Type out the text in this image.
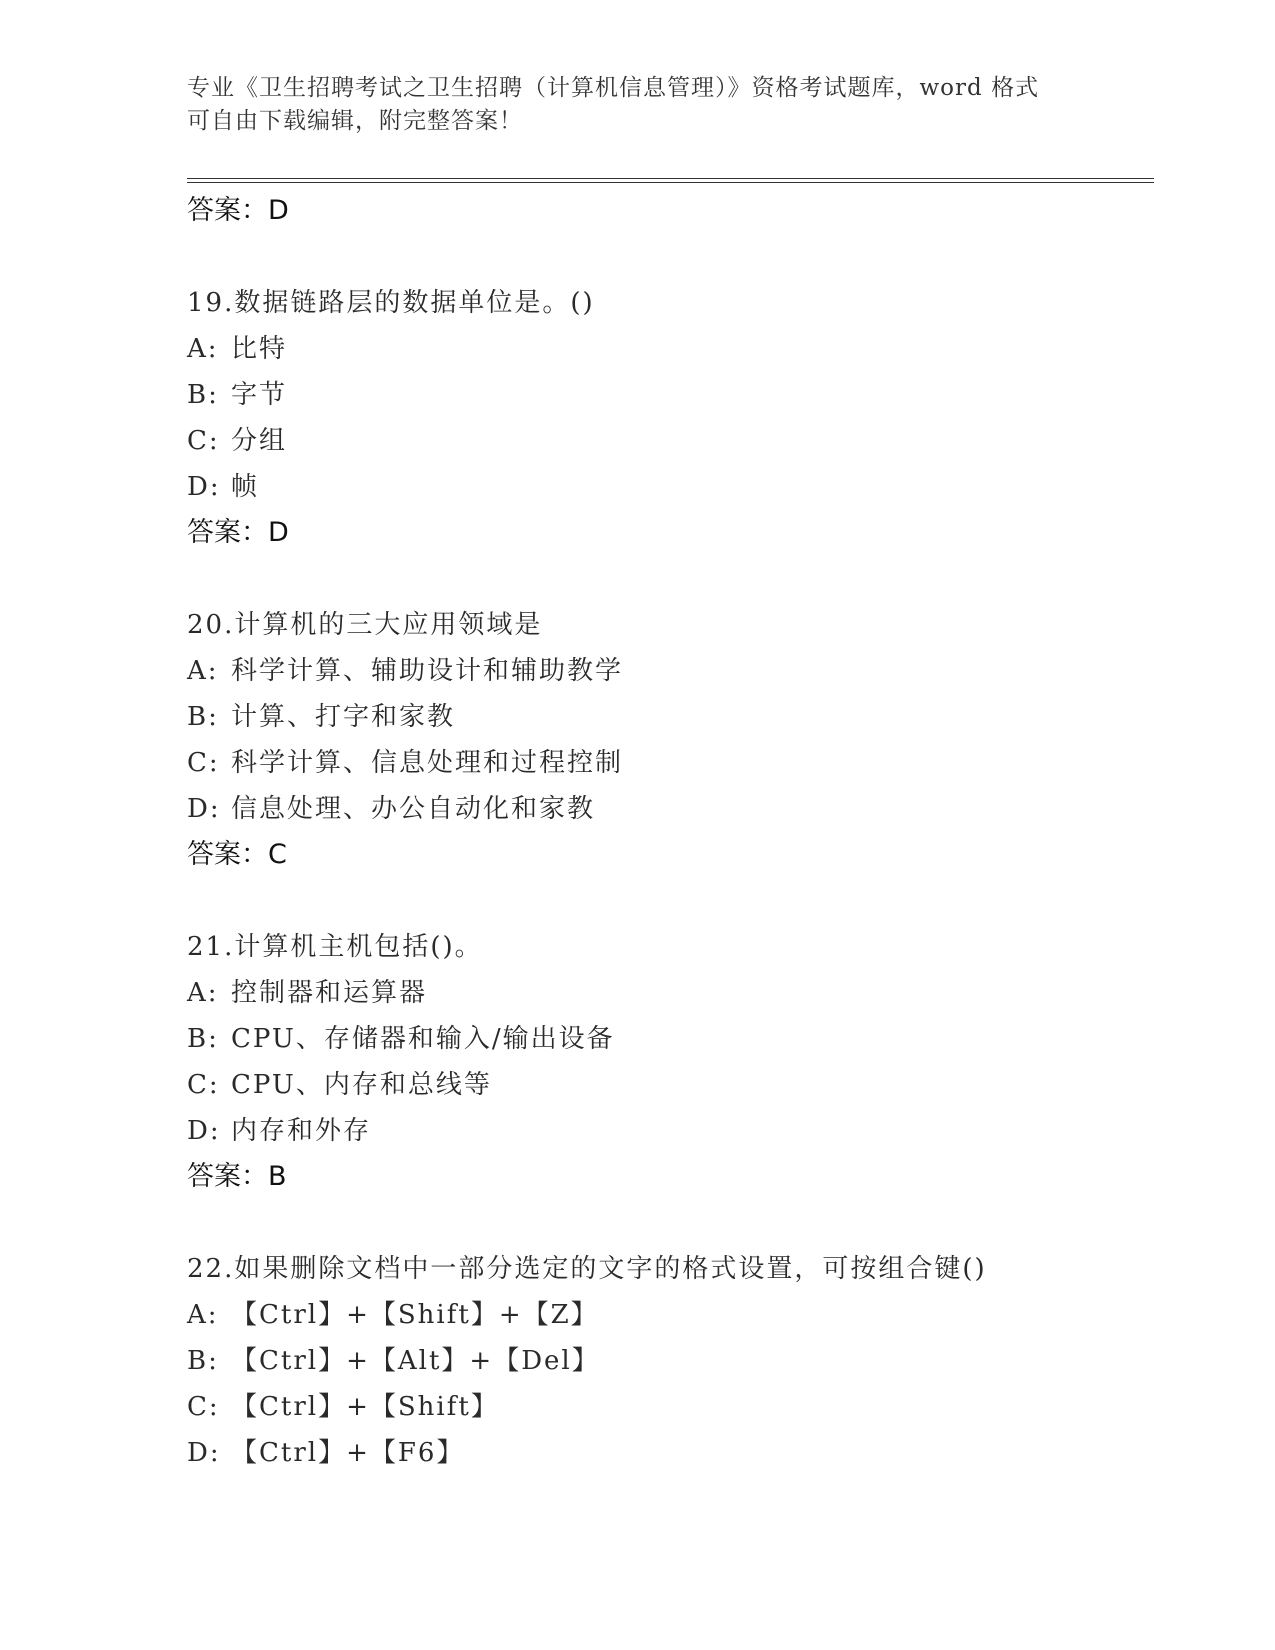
专业《卫生招聘考试之卫生招聘（计算机信息管理）》资格考试题库，word 格式
可自由下载编辑，附完整答案！
答案：D
19.数据链路层的数据单位是。()
A: 比特
B: 字节
C: 分组
D: 帧
答案：D
20.计算机的三大应用领域是
A: 科学计算、辅助设计和辅助教学
B: 计算、打字和家教
C: 科学计算、信息处理和过程控制
D: 信息处理、办公自动化和家教
答案：C
21.计算机主机包括()。
A: 控制器和运算器
B: CPU、存储器和输入/输出设备
C: CPU、内存和总线等
D: 内存和外存
答案：B
22.如果删除文档中一部分选定的文字的格式设置，可按组合键()
A: 【Ctrl】+【Shift】+【Z】
B: 【Ctrl】+【Alt】+【Del】
C: 【Ctrl】+【Shift】
D: 【Ctrl】+【F6】
